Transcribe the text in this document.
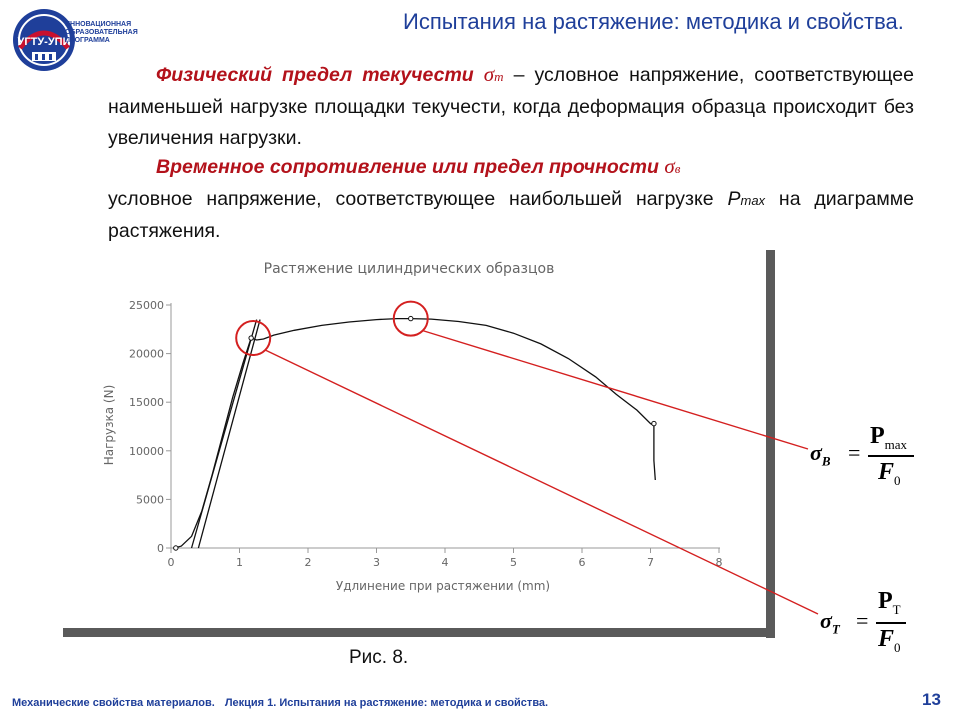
УГТУ-УПИ
ИННОВАЦИОННАЯ
ОБРАЗОВАТЕЛЬНАЯ
ПРОГРАММА
Испытания на растяжение: методика и свойства.
Физический предел текучести σт – условное напряжение, соответствующее наименьшей нагрузке площадки текучести, когда деформация образца происходит без увеличения нагрузки.
Временное сопротивление или предел прочности σв
условное напряжение, соответствующее наибольшей нагрузке Pmax на диаграмме растяжения.
Растяжение цилиндрических образцов
Удлинение при растяжении (mm)
Нагрузка (N)
0	1	2	3	4	5	6	7	8
0
5000
10000
15000
20000
25000
Рис. 8.
$\sigma_B$ =
$P_{max}$
$F_0$
$\sigma_T$ =
$P_T$
$F_0$
Механические свойства материалов. Лекция 1. Испытания на растяжение: методика и свойства.	13
